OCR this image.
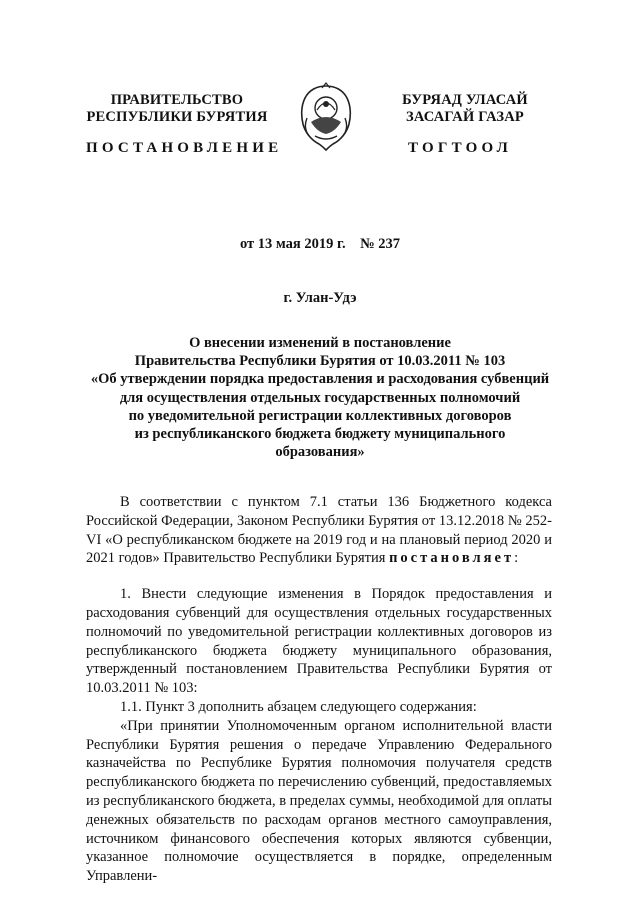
ПРАВИТЕЛЬСТВО
РЕСПУБЛИКИ БУРЯТИЯ
БУРЯАД УЛАСАЙ
ЗАСАГАЙ ГАЗАР
ПОСТАНОВЛЕНИЕ	ТОГТООЛ
от 13 мая 2019 г.    № 237
г. Улан-Удэ
О внесении изменений в постановление
Правительства Республики Бурятия от 10.03.2011 № 103
«Об утверждении порядка предоставления и расходования субвенций
для осуществления отдельных государственных полномочий
по уведомительной регистрации коллективных договоров
из республиканского бюджета бюджету муниципального
образования»

В соответствии с пунктом 7.1 статьи 136 Бюджетного кодекса Российской Федерации, Законом Республики Бурятия от 13.12.2018 № 252-VI «О республиканском бюджете на 2019 год и на плановый период 2020 и 2021 годов» Правительство Республики Бурятия постановляет:

1. Внести следующие изменения в Порядок предоставления и расходования субвенций для осуществления отдельных государственных полномочий по уведомительной регистрации коллективных договоров из республиканского бюджета бюджету муниципального образования, утвержденный постановлением Правительства Республики Бурятия от 10.03.2011 № 103:

1.1. Пункт 3 дополнить абзацем следующего содержания:

«При принятии Уполномоченным органом исполнительной власти Республики Бурятия решения о передаче Управлению Федерального казначейства по Республике Бурятия полномочия получателя средств республиканского бюджета по перечислению субвенций, предоставляемых из республиканского бюджета, в пределах суммы, необходимой для оплаты денежных обязательств по расходам органов местного самоуправления, источником финансового обеспечения которых являются субвенции, указанное полномочие осуществляется в порядке, определенным Управлени-
